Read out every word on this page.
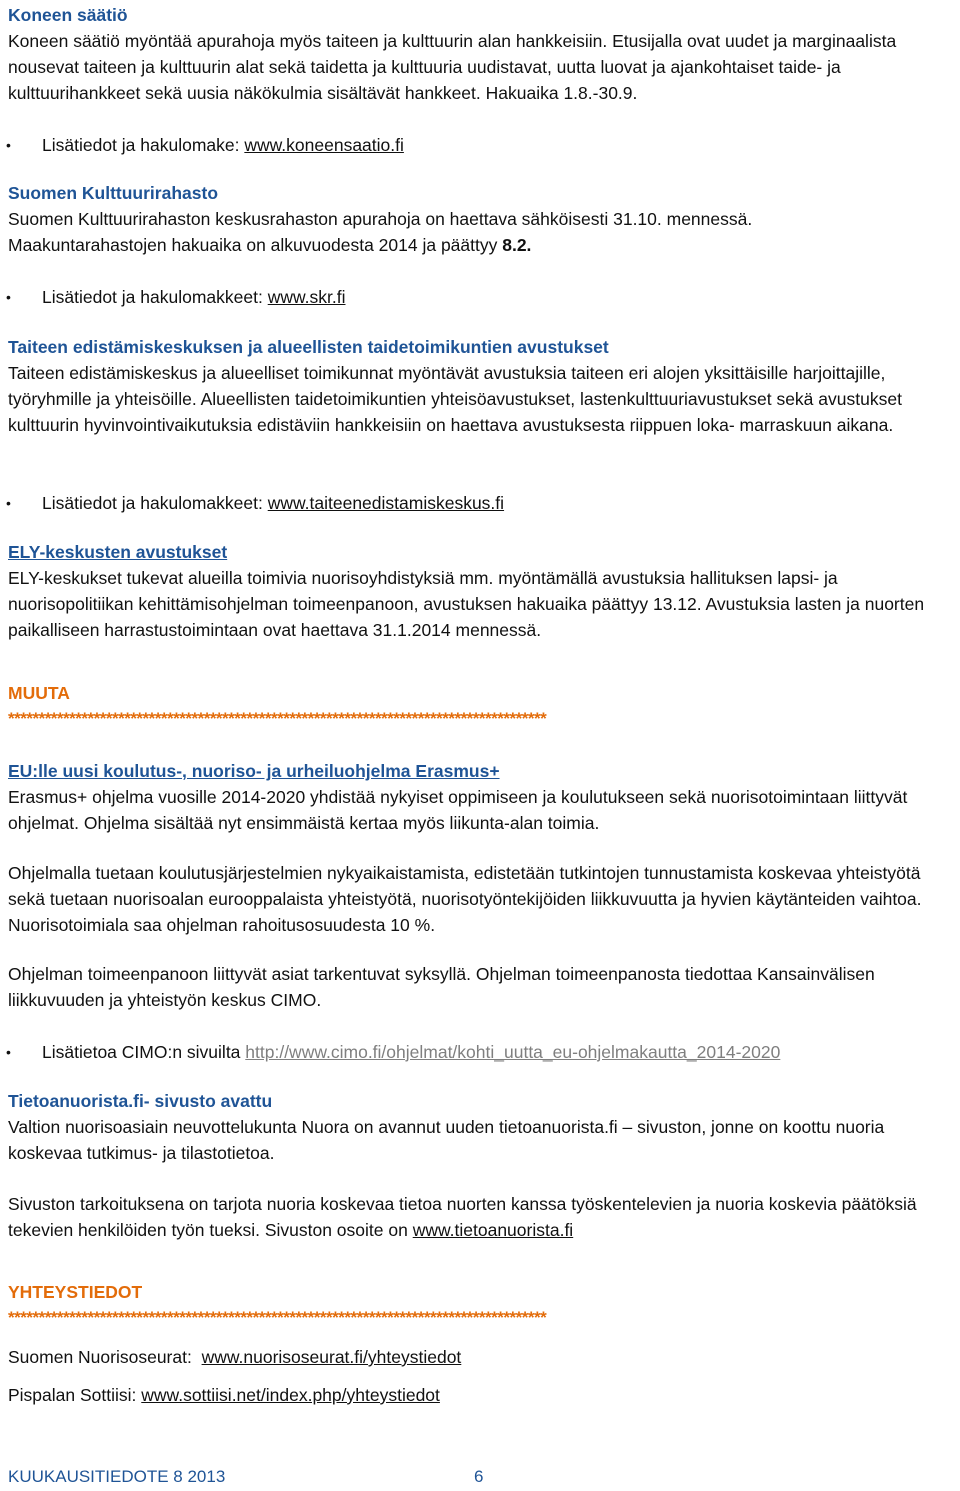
Koneen säätiö

Koneen säätiö myöntää apurahoja myös taiteen ja kulttuurin alan hankkeisiin. Etusijalla ovat uudet ja marginaalista nousevat taiteen ja kulttuurin alat sekä taidetta ja kulttuuria uudistavat, uutta luovat ja ajankohtaiset taide- ja kulttuurihankkeet sekä uusia näkökulmia sisältävät hankkeet. Hakuaika 1.8.-30.9.

• Lisätiedot ja hakulomake: www.koneensaatio.fi

Suomen Kulttuurirahasto

Suomen Kulttuurirahaston keskusrahaston apurahoja on haettava sähköisesti 31.10. mennessä.

Maakuntarahastojen hakuaika on alkuvuodesta 2014 ja päättyy 8.2.

• Lisätiedot ja hakulomakkeet: www.skr.fi

Taiteen edistämiskeskuksen ja alueellisten taidetoimikuntien avustukset

Taiteen edistämiskeskus ja alueelliset toimikunnat myöntävät avustuksia taiteen eri alojen yksittäisille harjoittajille, työryhmille ja yhteisöille. Alueellisten taidetoimikuntien yhteisöavustukset, lastenkulttuuriavustukset sekä avustukset kulttuurin hyvinvointivaikutuksia edistäviin hankkeisiin on haettava avustuksesta riippuen loka- marraskuun aikana.

• Lisätiedot ja hakulomakkeet: www.taiteenedistamiskeskus.fi

ELY-keskusten avustukset

ELY-keskukset tukevat alueilla toimivia nuorisoyhdistyksiä mm. myöntämällä avustuksia hallituksen lapsi- ja nuorisopolitiikan kehittämisohjelman toimeenpanoon, avustuksen hakuaika päättyy 13.12. Avustuksia lasten ja nuorten paikalliseen harrastustoimintaan ovat haettava 31.1.2014 mennessä.

MUUTA

****************************************************************************************

EU:lle uusi koulutus-, nuoriso- ja urheiluohjelma Erasmus+

Erasmus+ ohjelma vuosille 2014-2020 yhdistää nykyiset oppimiseen ja koulutukseen sekä nuorisotoimintaan liittyvät ohjelmat. Ohjelma sisältää nyt ensimmäistä kertaa myös liikunta-alan toimia.

Ohjelmalla tuetaan koulutusjärjestelmien nykyaikaistamista, edistetään tutkintojen tunnustamista koskevaa yhteistyötä sekä tuetaan nuorisoalan eurooppalaista yhteistyötä, nuorisotyöntekijöiden liikkuvuutta ja hyvien käytänteiden vaihtoa. Nuorisotoimiala saa ohjelman rahoitusosuudesta 10 %.

Ohjelman toimeenpanoon liittyvät asiat tarkentuvat syksyllä. Ohjelman toimeenpanosta tiedottaa Kansainvälisen liikkuvuuden ja yhteistyön keskus CIMO.

• Lisätietoa CIMO:n sivuilta http://www.cimo.fi/ohjelmat/kohti_uutta_eu-ohjelmakautta_2014-2020

Tietoanuorista.fi- sivusto avattu

Valtion nuorisoasiain neuvottelukunta Nuora on avannut uuden tietoanuorista.fi – sivuston, jonne on koottu nuoria koskevaa tutkimus- ja tilastotietoa.

Sivuston tarkoituksena on tarjota nuoria koskevaa tietoa nuorten kanssa työskentelevien ja nuoria koskevia päätöksiä tekevien henkilöiden työn tueksi. Sivuston osoite on www.tietoanuorista.fi

YHTEYSTIEDOT

****************************************************************************************
Suomen Nuorisoseurat:  www.nuorisoseurat.fi/yhteystiedot
Pispalan Sottiisi: www.sottiisi.net/index.php/yhteystiedot
KUUKAUSITIEDOTE 8 2013	6
